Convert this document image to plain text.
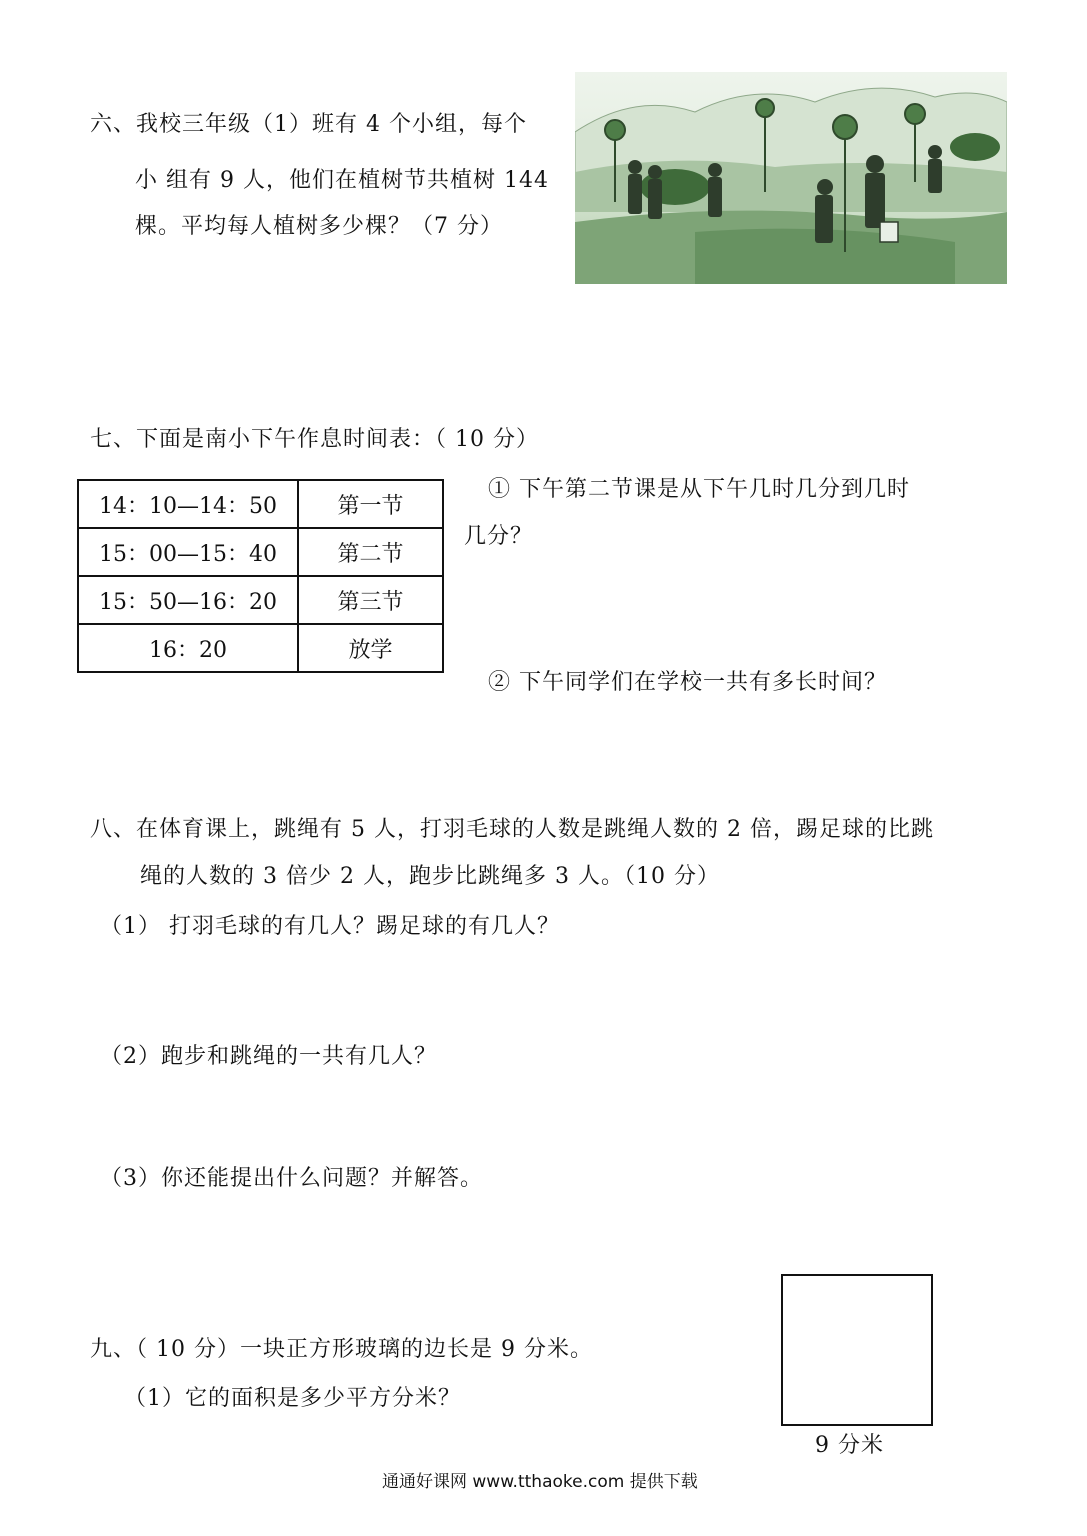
六、我校三年级（1）班有 4 个小组，每个
小 组有 9 人，他们在植树节共植树 144
棵。平均每人植树多少棵？（7 分）
七、下面是南小下午作息时间表：（ 10 分）
14：10—14：50	第一节
15：00—15：40	第二节
15：50—16：20	第三节
16：20	放学
① 下午第二节课是从下午几时几分到几时
几分？
② 下午同学们在学校一共有多长时间？
八、在体育课上，跳绳有 5 人，打羽毛球的人数是跳绳人数的 2 倍，踢足球的比跳
绳的人数的 3 倍少 2 人，跑步比跳绳多 3 人。（10 分）
（1） 打羽毛球的有几人？踢足球的有几人？
（2）跑步和跳绳的一共有几人？
（3）你还能提出什么问题？并解答。
九、（ 10 分）一块正方形玻璃的边长是 9 分米。
（1）它的面积是多少平方分米？
9 分米
通通好课网 www.tthaoke.com 提供下载
